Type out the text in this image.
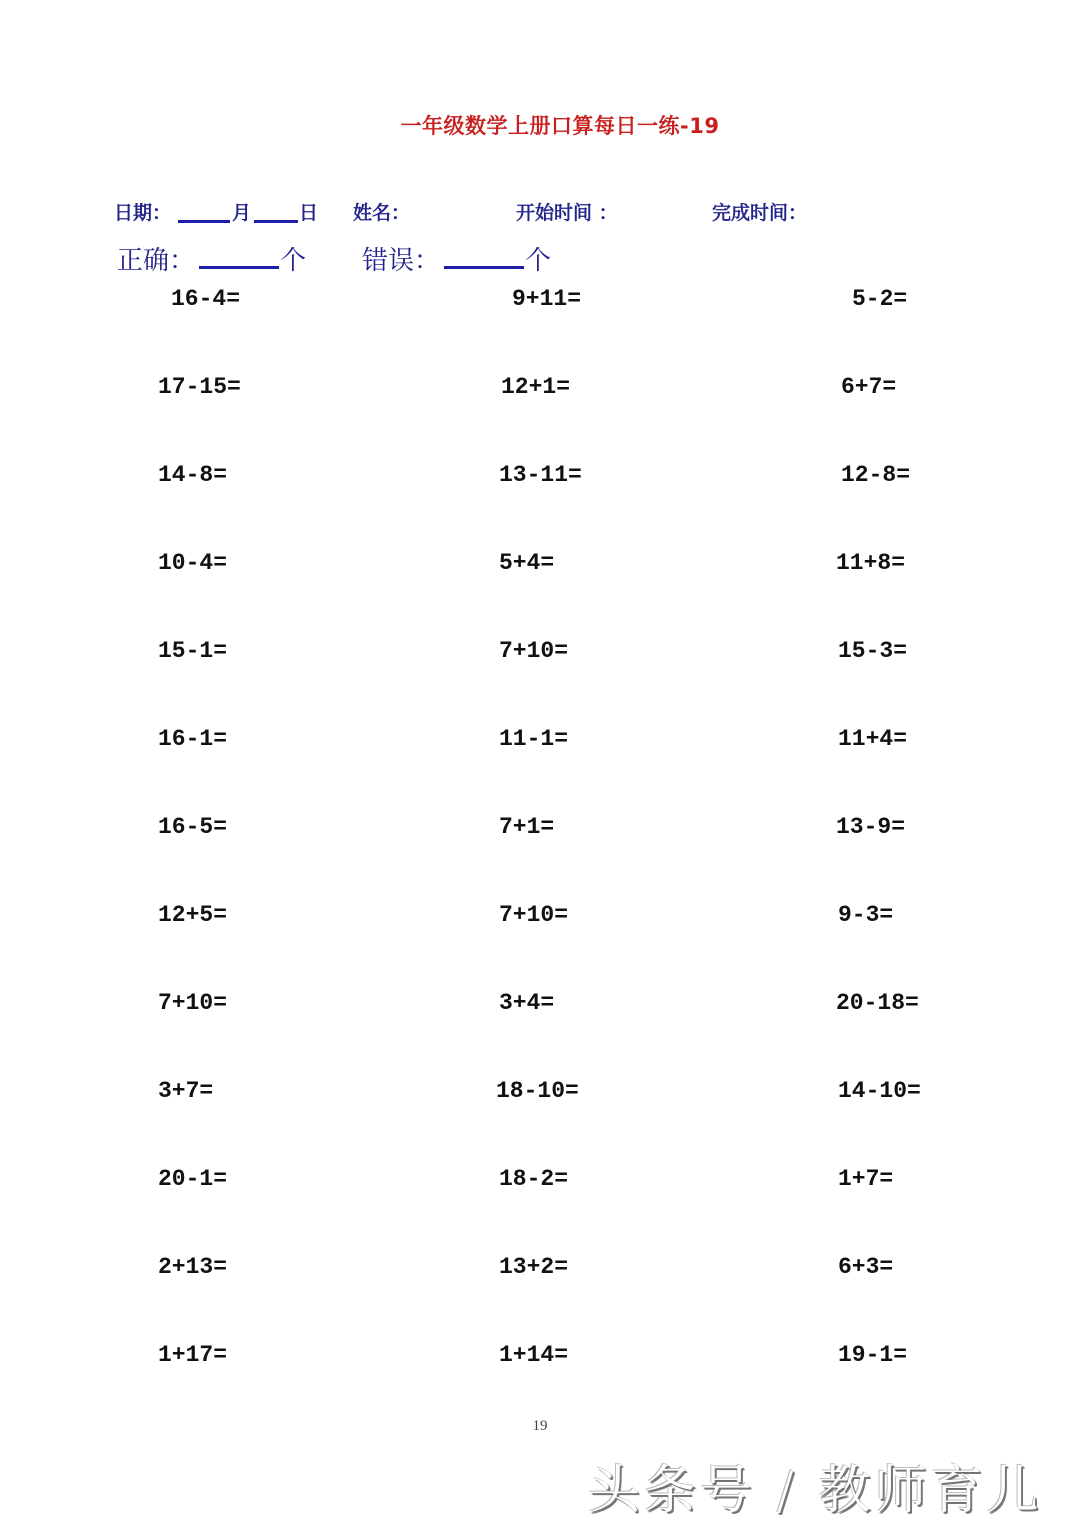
一年级数学上册口算每日一练-19
日期：	月	日 姓名：	开始时间 ：	完成时间：
正确：	个 错误：	个
16-4=	9+11=	5-2=
17-15=	12+1=	6+7=
14-8=	13-11=	12-8=
10-4=	5+4=	11+8=
15-1=	7+10=	15-3=
16-1=	11-1=	11+4=
16-5=	7+1=	13-9=
12+5=	7+10=	9-3=
7+10=	3+4=	20-18=
3+7=	18-10=	14-10=
20-1=	18-2=	1+7=
2+13=	13+2=	6+3=
1+17=	1+14=	19-1=
19
头条号 / 教师育儿
